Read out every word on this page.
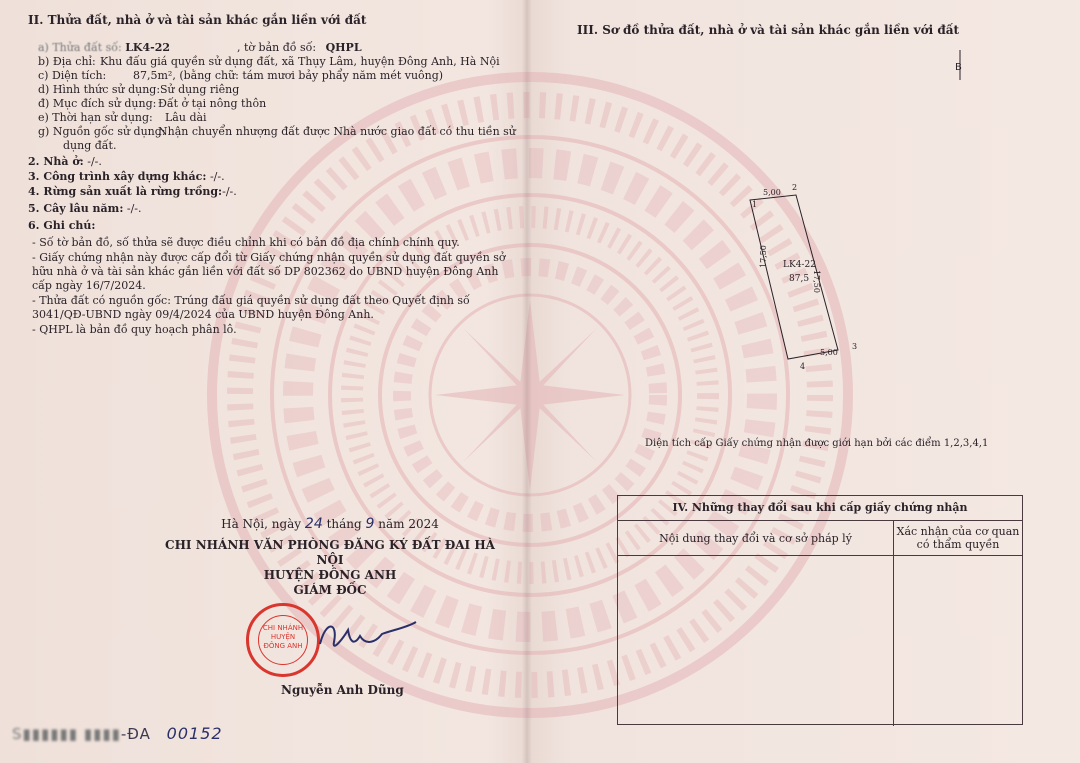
II. Thửa đất, nhà ở và tài sản khác gắn liền với đất
a) Thửa đất số: LK4-22	, tờ bản đồ số: QHPL
b) Địa chỉ: Khu đấu giá quyền sử dụng đất, xã Thụy Lâm, huyện Đông Anh, Hà Nội
c) Diện tích: 87,5m², (bằng chữ: tám mươi bảy phẩy năm mét vuông)
d) Hình thức sử dụng:Sử dụng riêng
đ) Mục đích sử dụng: Đất ở tại nông thôn
e) Thời hạn sử dụng: Lâu dài
g) Nguồn gốc sử dụng:Nhận chuyển nhượng đất được Nhà nước giao đất có thu tiền sử
dụng đất.
2. Nhà ở: -/-.
3. Công trình xây dựng khác: -/-.
4. Rừng sản xuất là rừng trồng:-/-.
5. Cây lâu năm: -/-.
6. Ghi chú:
- Số tờ bản đồ, số thửa sẽ được điều chỉnh khi có bản đồ địa chính chính quy.
- Giấy chứng nhận này được cấp đổi từ Giấy chứng nhận quyền sử dụng đất quyền sở
hữu nhà ở và tài sản khác gắn liền với đất số DP 802362 do UBND huyện Đông Anh
cấp ngày 16/7/2024.
- Thửa đất có nguồn gốc: Trúng đấu giá quyền sử dụng đất theo Quyết định số
3041/QĐ-UBND ngày 09/4/2024 của UBND huyện Đông Anh.
- QHPL là bản đồ quy hoạch phân lô.
Hà Nội, ngày 24 tháng 9 năm 2024
CHI NHÁNH VĂN PHÒNG ĐĂNG KÝ ĐẤT ĐAI HÀ NỘI
HUYỆN ĐÔNG ANH
GIÁM ĐỐC
CHI NHÁNH HUYỆN ĐÔNG ANH
Nguyễn Anh Dũng
S▮▮▮▮▮▮ ▮▮▮▮-ĐA 00152
III. Sơ đồ thửa đất, nhà ở và tài sản khác gắn liền với đất
B
1
2
3
4
5,00
5,00
17,50
17,50
LK4-22
87,5
Diện tích cấp Giấy chứng nhận được giới hạn bởi các điểm 1,2,3,4,1
IV. Những thay đổi sau khi cấp giấy chứng nhận
Nội dung thay đổi và cơ sở pháp lý	Xác nhận của cơ quan
có thẩm quyền
